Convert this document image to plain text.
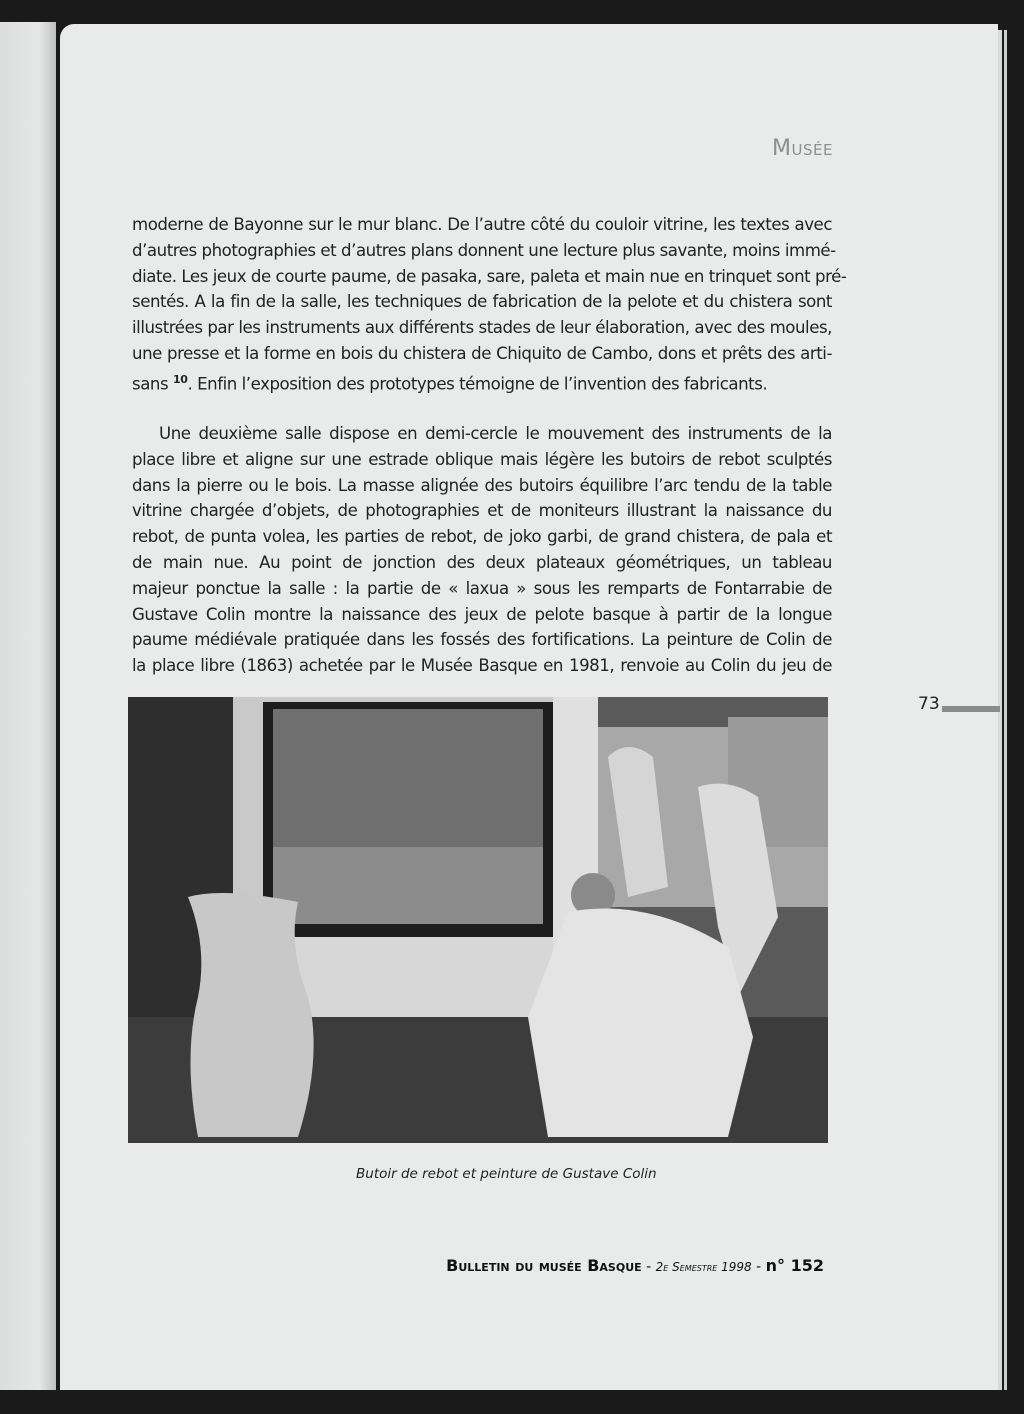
Musée
moderne de Bayonne sur le mur blanc. De l’autre côté du couloir vitrine, les textes avec
d’autres photographies et d’autres plans donnent une lecture plus savante, moins immé-
diate. Les jeux de courte paume, de pasaka, sare, paleta et main nue en trinquet sont pré-
sentés. A la fin de la salle, les techniques de fabrication de la pelote et du chistera sont
illustrées par les instruments aux différents stades de leur élaboration, avec des moules,
une presse et la forme en bois du chistera de Chiquito de Cambo, dons et prêts des arti-
sans $^{10}$. Enfin l’exposition des prototypes témoigne de l’invention des fabricants.
Une deuxième salle dispose en demi-cercle le mouvement des instruments de la
place libre et aligne sur une estrade oblique mais légère les butoirs de rebot sculptés
dans la pierre ou le bois. La masse alignée des butoirs équilibre l’arc tendu de la table
vitrine chargée d’objets, de photographies et de moniteurs illustrant la naissance du
rebot, de punta volea, les parties de rebot, de joko garbi, de grand chistera, de pala et
de main nue. Au point de jonction des deux plateaux géométriques, un tableau
majeur ponctue la salle : la partie de « laxua » sous les remparts de Fontarrabie de
Gustave Colin montre la naissance des jeux de pelote basque à partir de la longue
paume médiévale pratiquée dans les fossés des fortifications. La peinture de Colin de
la place libre (1863) achetée par le Musée Basque en 1981, renvoie au Colin du jeu de
73
Butoir de rebot et peinture de Gustave Colin
Bulletin du musée Basque - 2e Semestre 1998 - n° 152
